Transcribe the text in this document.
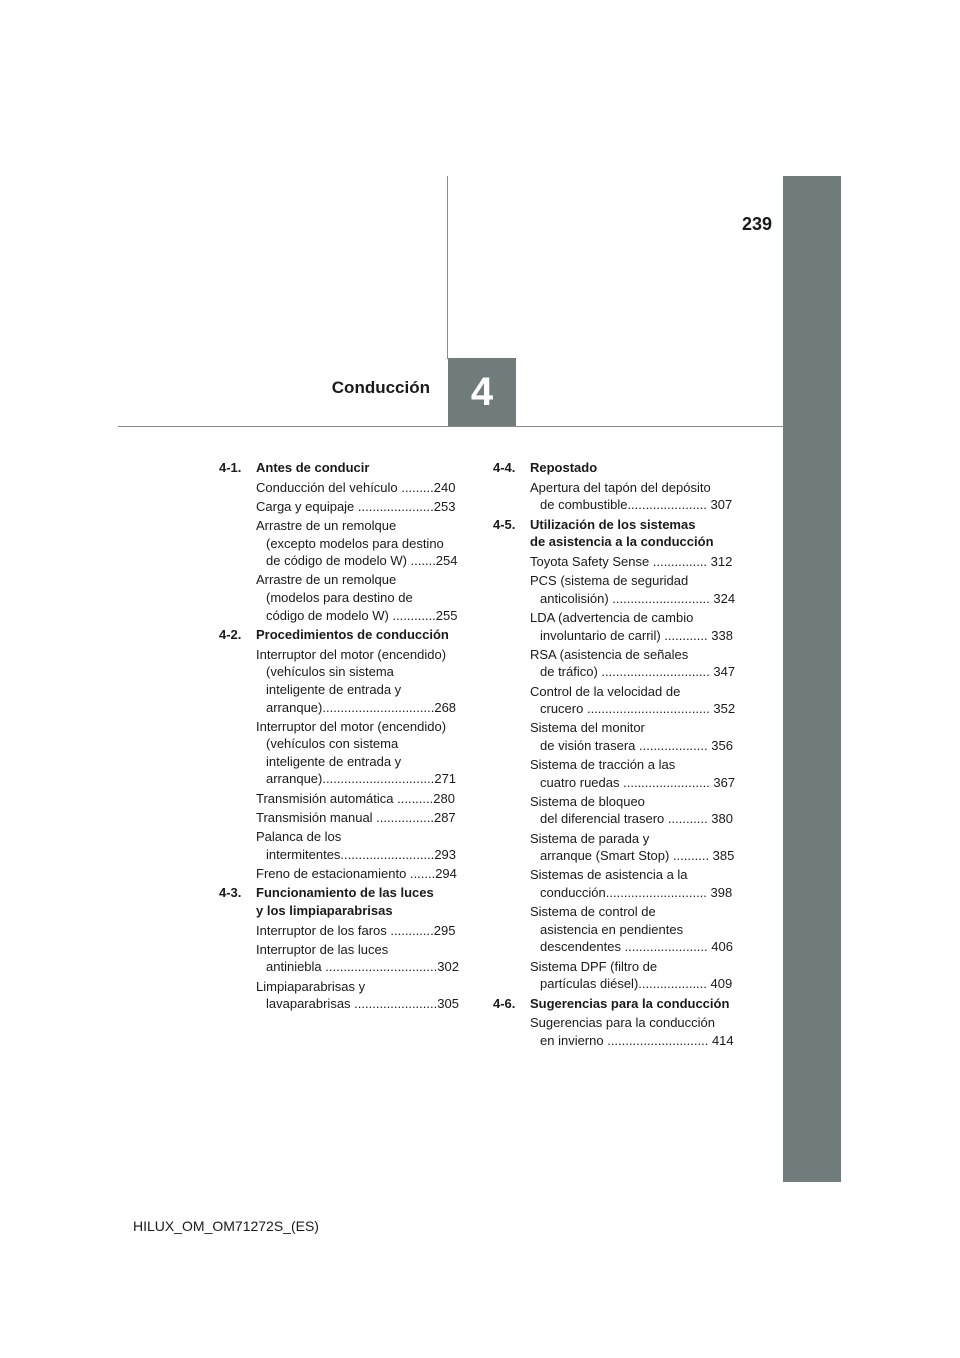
239
4
Conducción
4-1.	Antes de conducir
Conducción del vehículo .........240
Carga y equipaje .....................253
Arrastre de un remolque
(excepto modelos para destino
de código de modelo W) .......254
Arrastre de un remolque
(modelos para destino de
código de modelo W) ............255
4-2.	Procedimientos de conducción
Interruptor del motor (encendido)
(vehículos sin sistema
inteligente de entrada y
arranque)...............................268
Interruptor del motor (encendido)
(vehículos con sistema
inteligente de entrada y
arranque)...............................271
Transmisión automática ..........280
Transmisión manual ................287
Palanca de los
intermitentes..........................293
Freno de estacionamiento .......294
4-3.	Funcionamiento de las luces
y los limpiaparabrisas
Interruptor de los faros ............295
Interruptor de las luces
antiniebla ...............................302
Limpiaparabrisas y
lavaparabrisas .......................305
4-4.	Repostado
Apertura del tapón del depósito
de combustible...................... 307
4-5.	Utilización de los sistemas
de asistencia a la conducción
Toyota Safety Sense ............... 312
PCS (sistema de seguridad
anticolisión) ........................... 324
LDA (advertencia de cambio
involuntario de carril) ............ 338
RSA (asistencia de señales
de tráfico) .............................. 347
Control de la velocidad de
crucero .................................. 352
Sistema del monitor
de visión trasera ................... 356
Sistema de tracción a las
cuatro ruedas ........................ 367
Sistema de bloqueo
del diferencial trasero ........... 380
Sistema de parada y
arranque (Smart Stop) .......... 385
Sistemas de asistencia a la
conducción............................ 398
Sistema de control de
asistencia en pendientes
descendentes ....................... 406
Sistema DPF (filtro de
partículas diésel)................... 409
4-6.	Sugerencias para la conducción
Sugerencias para la conducción
en invierno ............................ 414
HILUX_OM_OM71272S_(ES)
